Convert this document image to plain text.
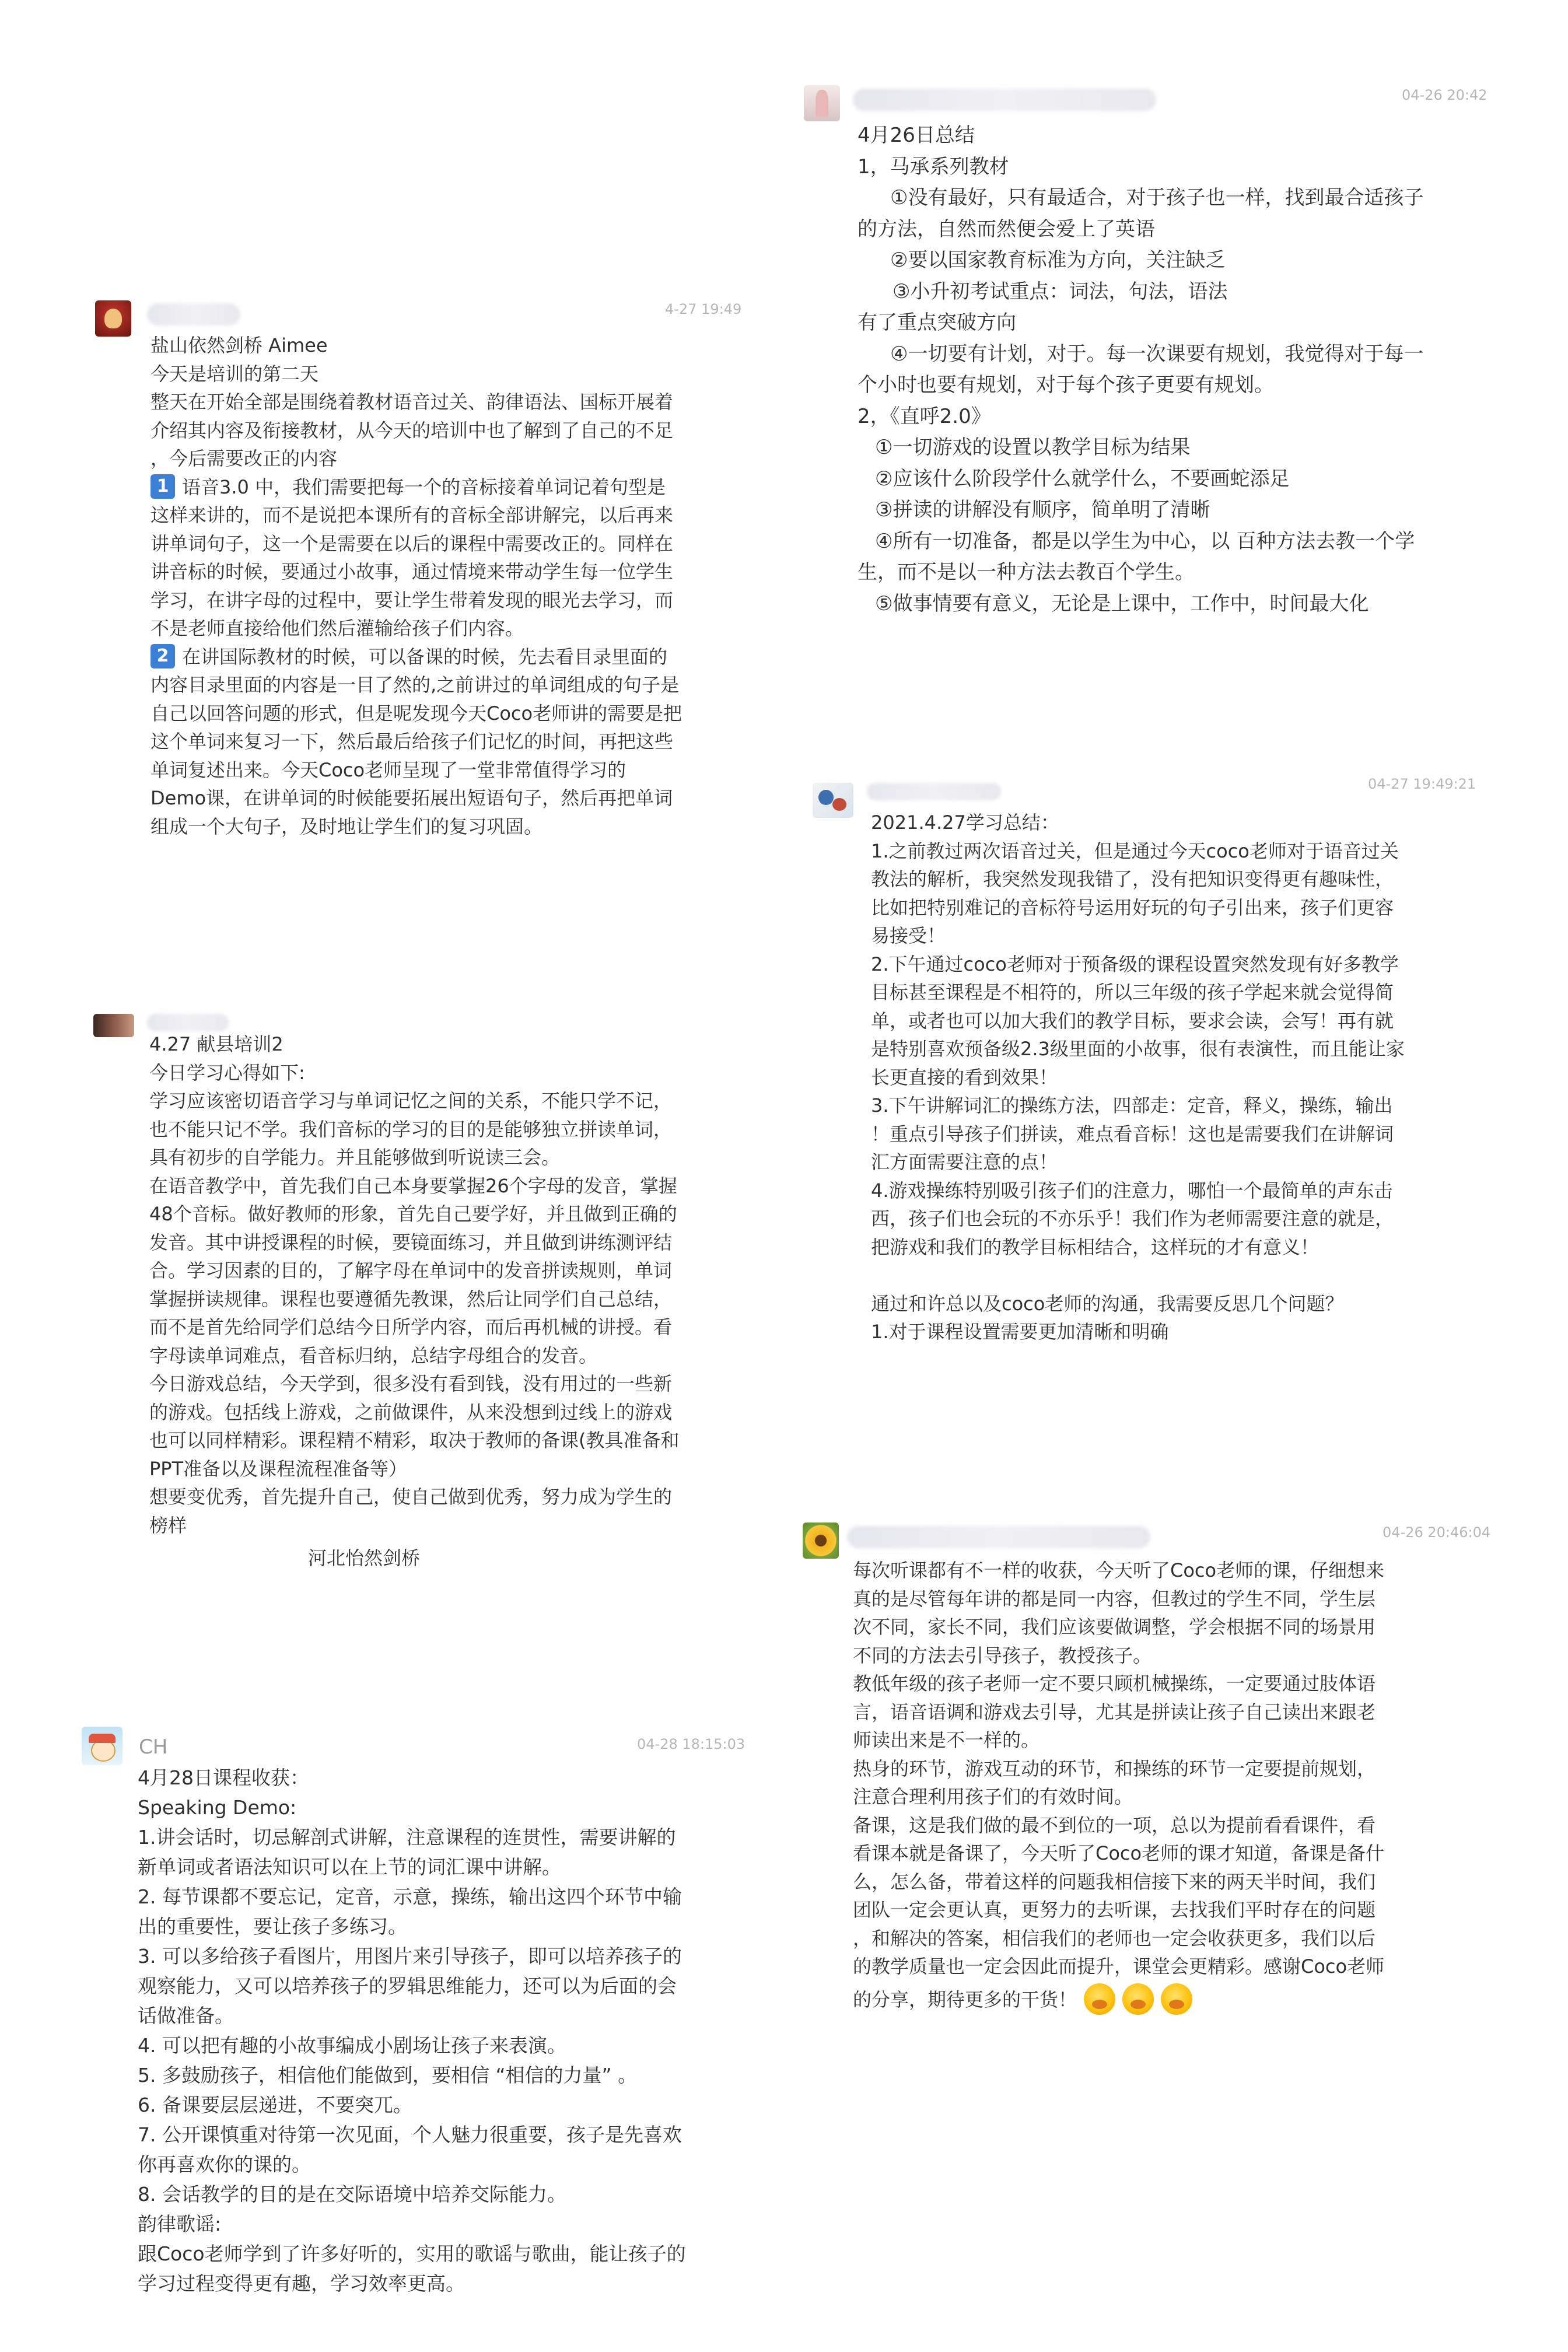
4-27 19:49
盐山依然剑桥 Aimee
今天是培训的第二天
整天在开始全部是围绕着教材语音过关、韵律语法、国标开展着
介绍其内容及衔接教材，从今天的培训中也了解到了自己的不足
，今后需要改正的内容
1 语音3.0 中，我们需要把每一个的音标接着单词记着句型是
这样来讲的，而不是说把本课所有的音标全部讲解完，以后再来
讲单词句子，这一个是需要在以后的课程中需要改正的。同样在
讲音标的时候，要通过小故事，通过情境来带动学生每一位学生
学习，在讲字母的过程中，要让学生带着发现的眼光去学习，而
不是老师直接给他们然后灌输给孩子们内容。
2 在讲国际教材的时候，可以备课的时候，先去看目录里面的
内容目录里面的内容是一目了然的,之前讲过的单词组成的句子是
自己以回答问题的形式，但是呢发现今天Coco老师讲的需要是把
这个单词来复习一下，然后最后给孩子们记忆的时间，再把这些
单词复述出来。今天Coco老师呈现了一堂非常值得学习的
Demo课，在讲单词的时候能要拓展出短语句子，然后再把单词
组成一个大句子，及时地让学生们的复习巩固。
04-26 20:42
4月26日总结
1，马承系列教材
①没有最好，只有最适合，对于孩子也一样，找到最合适孩子
的方法，自然而然便会爱上了英语
②要以国家教育标准为方向，关注缺乏
③小升初考试重点：词法，句法，语法
有了重点突破方向
④一切要有计划，对于。每一次课要有规划，我觉得对于每一
个小时也要有规划，对于每个孩子更要有规划。
2，《直呼2.0》
①一切游戏的设置以教学目标为结果
②应该什么阶段学什么就学什么，不要画蛇添足
③拼读的讲解没有顺序，简单明了清晰
④所有一切准备，都是以学生为中心，以 百种方法去教一个学
生，而不是以一种方法去教百个学生。
⑤做事情要有意义，无论是上课中，工作中，时间最大化
4.27 献县培训2
今日学习心得如下:
学习应该密切语音学习与单词记忆之间的关系，不能只学不记，
也不能只记不学。我们音标的学习的目的是能够独立拼读单词，
具有初步的自学能力。并且能够做到听说读三会。
在语音教学中，首先我们自己本身要掌握26个字母的发音，掌握
48个音标。做好教师的形象，首先自己要学好，并且做到正确的
发音。其中讲授课程的时候，要镜面练习，并且做到讲练测评结
合。学习因素的目的，了解字母在单词中的发音拼读规则，单词
掌握拼读规律。课程也要遵循先教课，然后让同学们自己总结，
而不是首先给同学们总结今日所学内容，而后再机械的讲授。看
字母读单词难点，看音标归纳，总结字母组合的发音。
今日游戏总结，今天学到，很多没有看到钱，没有用过的一些新
的游戏。包括线上游戏，之前做课件，从来没想到过线上的游戏
也可以同样精彩。课程精不精彩，取决于教师的备课(教具准备和
PPT准备以及课程流程准备等）
想要变优秀，首先提升自己，使自己做到优秀，努力成为学生的
榜样
河北怡然剑桥
04-27 19:49:21
2021.4.27学习总结：
1.之前教过两次语音过关，但是通过今天coco老师对于语音过关
教法的解析，我突然发现我错了，没有把知识变得更有趣味性，
比如把特别难记的音标符号运用好玩的句子引出来，孩子们更容
易接受！
2.下午通过coco老师对于预备级的课程设置突然发现有好多教学
目标甚至课程是不相符的，所以三年级的孩子学起来就会觉得简
单，或者也可以加大我们的教学目标，要求会读，会写！再有就
是特别喜欢预备级2.3级里面的小故事，很有表演性，而且能让家
长更直接的看到效果！
3.下午讲解词汇的操练方法，四部走：定音，释义，操练，输出
！重点引导孩子们拼读，难点看音标！这也是需要我们在讲解词
汇方面需要注意的点！
4.游戏操练特别吸引孩子们的注意力，哪怕一个最简单的声东击
西，孩子们也会玩的不亦乐乎！我们作为老师需要注意的就是，
把游戏和我们的教学目标相结合，这样玩的才有意义！
通过和许总以及coco老师的沟通，我需要反思几个问题？
1.对于课程设置需要更加清晰和明确
04-26 20:46:04
每次听课都有不一样的收获，今天听了Coco老师的课，仔细想来
真的是尽管每年讲的都是同一内容，但教过的学生不同，学生层
次不同，家长不同，我们应该要做调整，学会根据不同的场景用
不同的方法去引导孩子，教授孩子。
教低年级的孩子老师一定不要只顾机械操练，一定要通过肢体语
言，语音语调和游戏去引导，尤其是拼读让孩子自己读出来跟老
师读出来是不一样的。
热身的环节，游戏互动的环节，和操练的环节一定要提前规划，
注意合理利用孩子们的有效时间。
备课，这是我们做的最不到位的一项，总以为提前看看课件，看
看课本就是备课了，今天听了Coco老师的课才知道，备课是备什
么，怎么备，带着这样的问题我相信接下来的两天半时间，我们
团队一定会更认真，更努力的去听课，去找我们平时存在的问题
，和解决的答案，相信我们的老师也一定会收获更多，我们以后
的教学质量也一定会因此而提升，课堂会更精彩。感谢Coco老师
的分享，期待更多的干货！
CH	04-28 18:15:03
4月28日课程收获：
Speaking Demo:
1.讲会话时，切忌解剖式讲解，注意课程的连贯性，需要讲解的
新单词或者语法知识可以在上节的词汇课中讲解。
2. 每节课都不要忘记，定音，示意，操练，输出这四个环节中输
出的重要性，要让孩子多练习。
3. 可以多给孩子看图片，用图片来引导孩子，即可以培养孩子的
观察能力，又可以培养孩子的罗辑思维能力，还可以为后面的会
话做准备。
4. 可以把有趣的小故事编成小剧场让孩子来表演。
5. 多鼓励孩子，相信他们能做到，要相信 “相信的力量” 。
6. 备课要层层递进，不要突兀。
7. 公开课慎重对待第一次见面，个人魅力很重要，孩子是先喜欢
你再喜欢你的课的。
8. 会话教学的目的是在交际语境中培养交际能力。
韵律歌谣:
跟Coco老师学到了许多好听的，实用的歌谣与歌曲，能让孩子的
学习过程变得更有趣，学习效率更高。
